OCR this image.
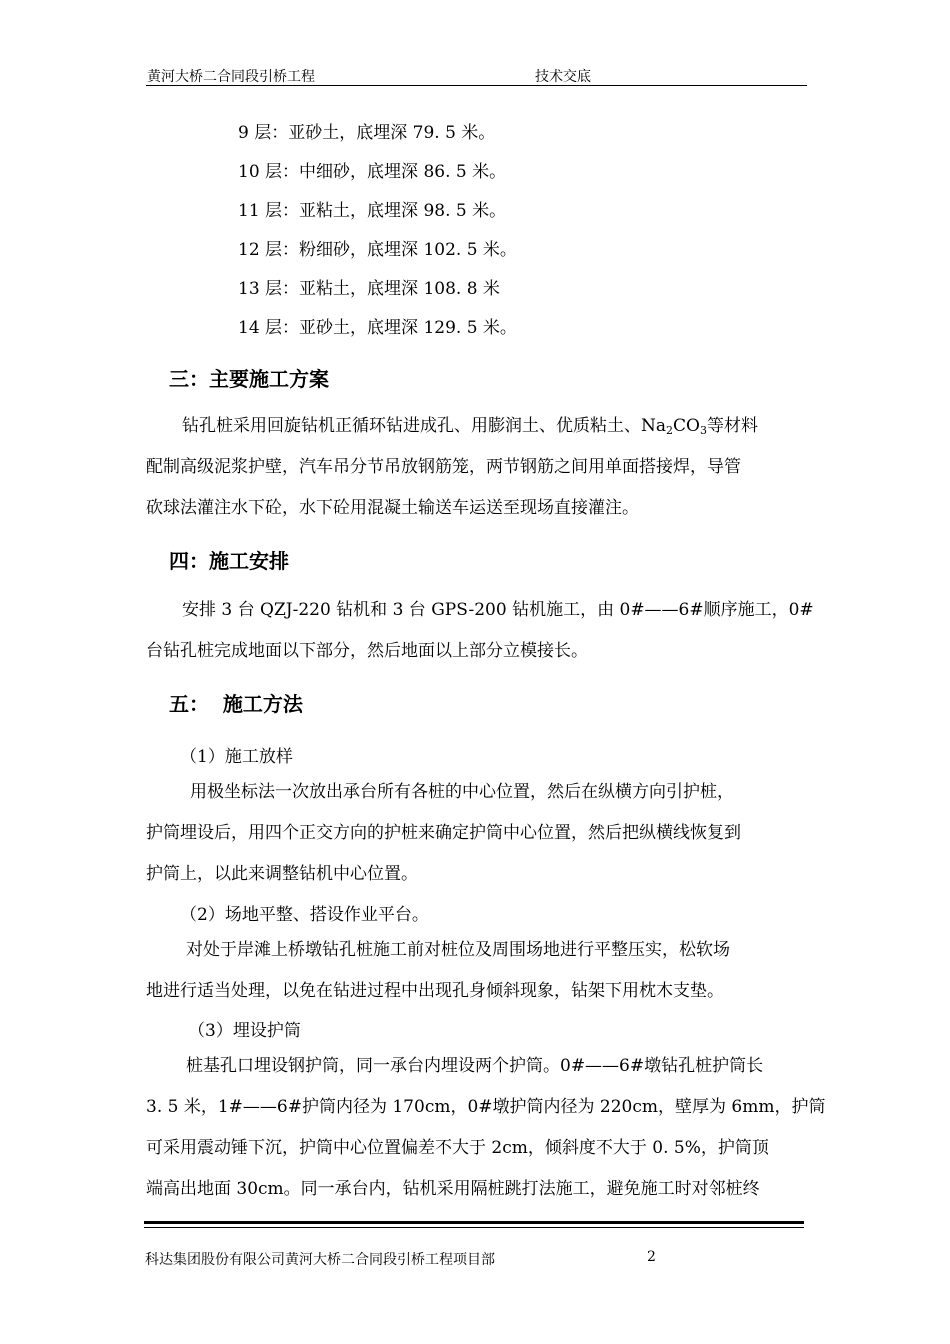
黄河大桥二合同段引桥工程	技术交底
9 层：亚砂土，底埋深 79. 5 米。
10 层：中细砂，底埋深 86. 5 米。
11 层：亚粘土，底埋深 98. 5 米。
12 层：粉细砂，底埋深 102. 5 米。
13 层：亚粘土，底埋深 108. 8 米
14 层：亚砂土，底埋深 129. 5 米。
三：主要施工方案
钻孔桩采用回旋钻机正循环钻进成孔、用膨润土、优质粘土、$Na_2CO_3$等材料
配制高级泥浆护壁，汽车吊分节吊放钢筋笼，两节钢筋之间用单面搭接焊，导管
砍球法灌注水下砼，水下砼用混凝土输送车运送至现场直接灌注。
四：施工安排
安排 3 台 QZJ-220 钻机和 3 台 GPS-200 钻机施工，由 0#——6#顺序施工，0#
台钻孔桩完成地面以下部分，然后地面以上部分立模接长。
五：  施工方法
（1）施工放样
用极坐标法一次放出承台所有各桩的中心位置，然后在纵横方向引护桩，
护筒埋设后，用四个正交方向的护桩来确定护筒中心位置，然后把纵横线恢复到
护筒上，以此来调整钻机中心位置。
（2）场地平整、搭设作业平台。
对处于岸滩上桥墩钻孔桩施工前对桩位及周围场地进行平整压实，松软场
地进行适当处理，以免在钻进过程中出现孔身倾斜现象，钻架下用枕木支垫。
（3）埋设护筒
桩基孔口埋设钢护筒，同一承台内埋设两个护筒。0#——6#墩钻孔桩护筒长
3. 5 米，1#——6#护筒内径为 170cm，0#墩护筒内径为 220cm，壁厚为 6mm，护筒
可采用震动锤下沉，护筒中心位置偏差不大于 2cm，倾斜度不大于 0. 5%，护筒顶
端高出地面 30cm。同一承台内，钻机采用隔桩跳打法施工，避免施工时对邻桩终
科达集团股份有限公司黄河大桥二合同段引桥工程项目部	2
